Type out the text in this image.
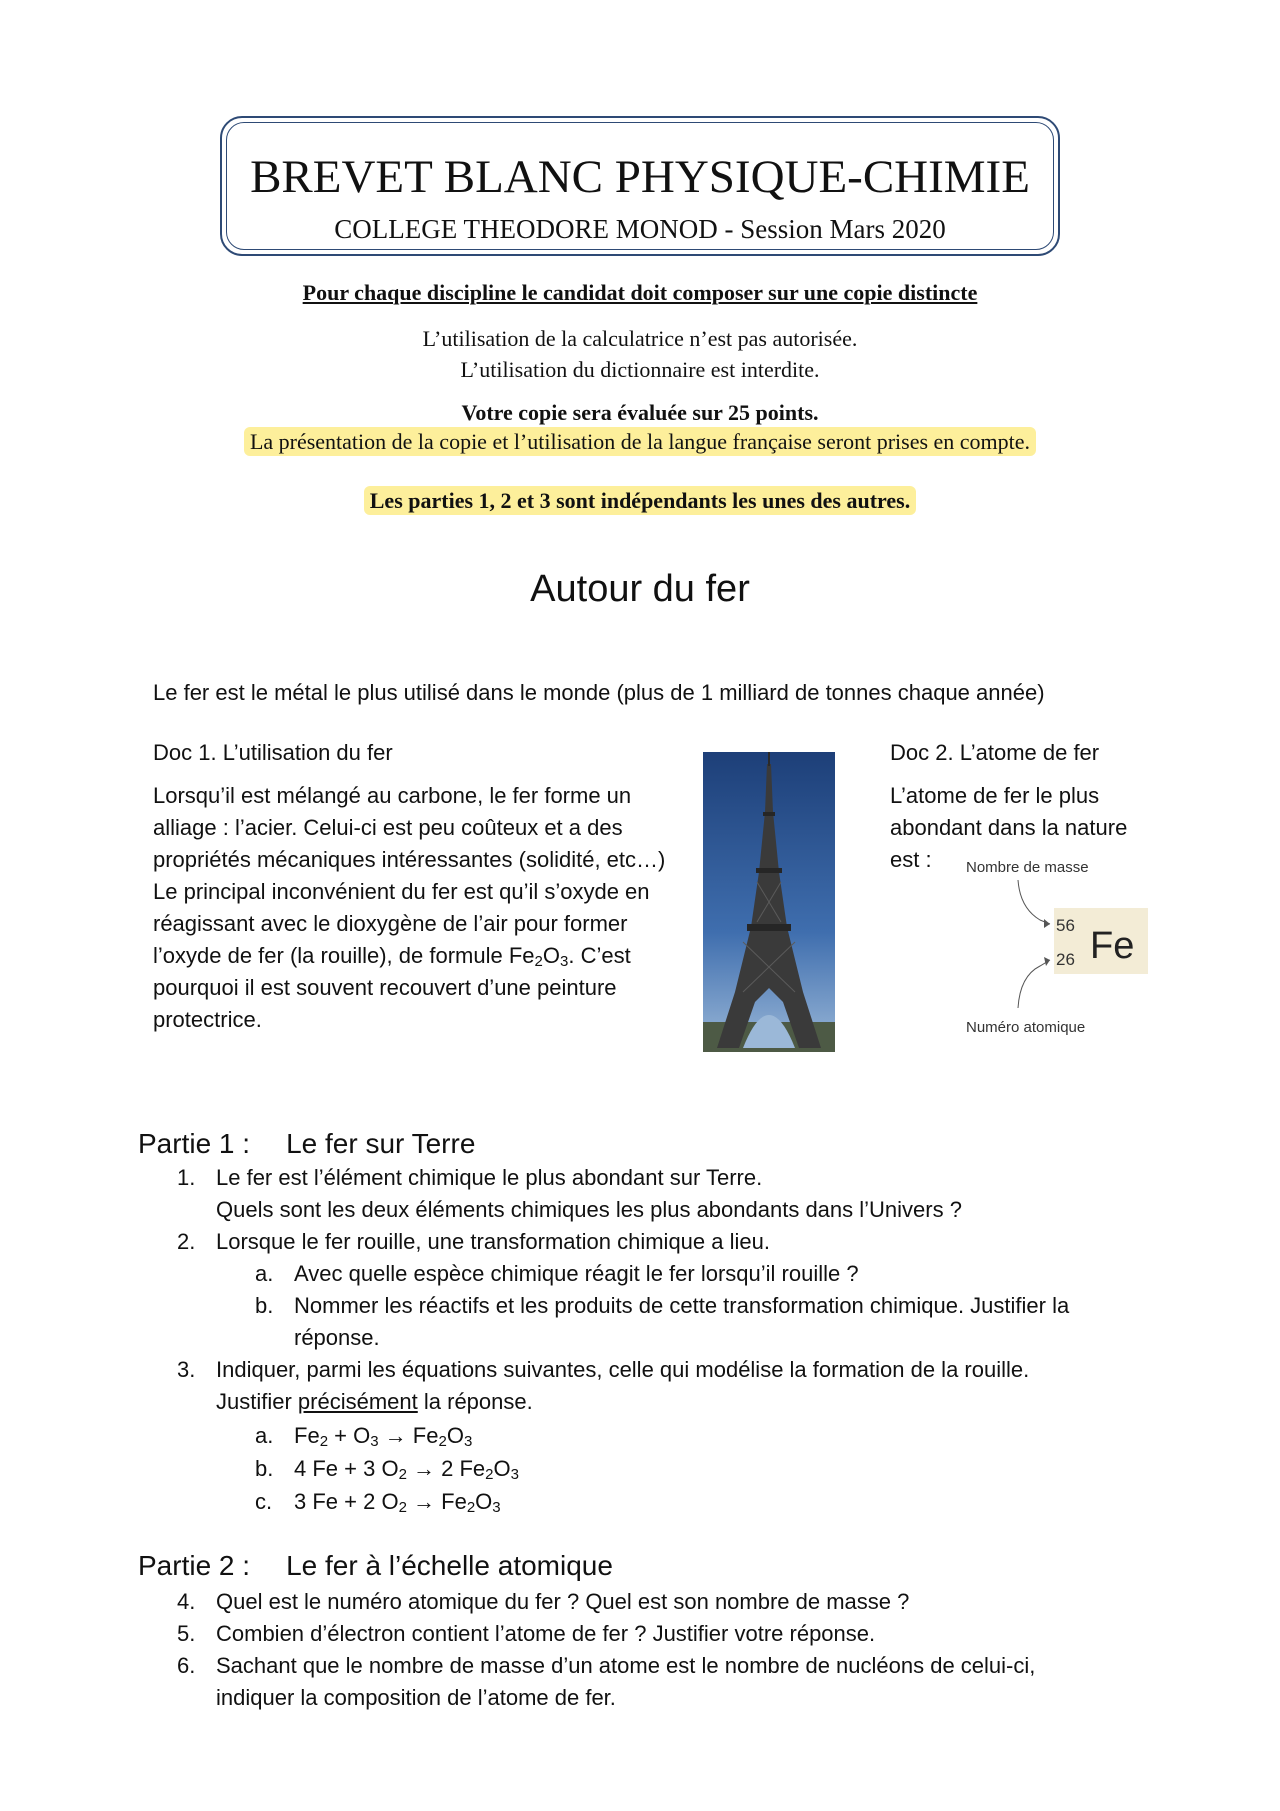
BREVET BLANC PHYSIQUE-CHIMIE
COLLEGE THEODORE MONOD - Session Mars 2020
Pour chaque discipline le candidat doit composer sur une copie distincte
L’utilisation de la calculatrice n’est pas autorisée.
L’utilisation du dictionnaire est interdite.
Votre copie sera évaluée sur 25 points.
La présentation de la copie et l’utilisation de la langue française seront prises en compte.
Les parties 1, 2 et 3 sont indépendants les unes des autres.
Autour du fer
Le fer est le métal le plus utilisé dans le monde (plus de 1 milliard de tonnes chaque année)
Doc 1. L’utilisation du fer

Lorsqu’il est mélangé au carbone, le fer forme un alliage : l’acier. Celui-ci est peu coûteux et a des propriétés mécaniques intéressantes (solidité, etc…)

Le principal inconvénient du fer est qu’il s’oxyde en réagissant avec le dioxygène de l’air pour former l’oxyde de fer (la rouille), de formule $Fe_2O_3$. C’est pourquoi il est souvent recouvert d’une peinture protectrice.

Doc 2. L’atome de fer
L’atome de fer le plus abondant dans la nature est :	Nombre de masse
56
26 Fe
Numéro atomique
Partie 1 : Le fer sur Terre
1. Le fer est l’élément chimique le plus abondant sur Terre.
Quels sont les deux éléments chimiques les plus abondants dans l’Univers ?
2. Lorsque le fer rouille, une transformation chimique a lieu.
a. Avec quelle espèce chimique réagit le fer lorsqu’il rouille ?
b. Nommer les réactifs et les produits de cette transformation chimique. Justifier la
réponse.
3. Indiquer, parmi les équations suivantes, celle qui modélise la formation de la rouille.
Justifier précisément la réponse.
a. $Fe_2 + O_3 \to Fe_2O_3$
b. 4 Fe + 3 $O_2 \to 2$ $Fe_2O_3$
c. 3 Fe + 2 $O_2 \to Fe_2O_3$
Partie 2 : Le fer à l’échelle atomique
4. Quel est le numéro atomique du fer ? Quel est son nombre de masse ?
5. Combien d’électron contient l’atome de fer ? Justifier votre réponse.
6. Sachant que le nombre de masse d’un atome est le nombre de nucléons de celui-ci,
indiquer la composition de l’atome de fer.
